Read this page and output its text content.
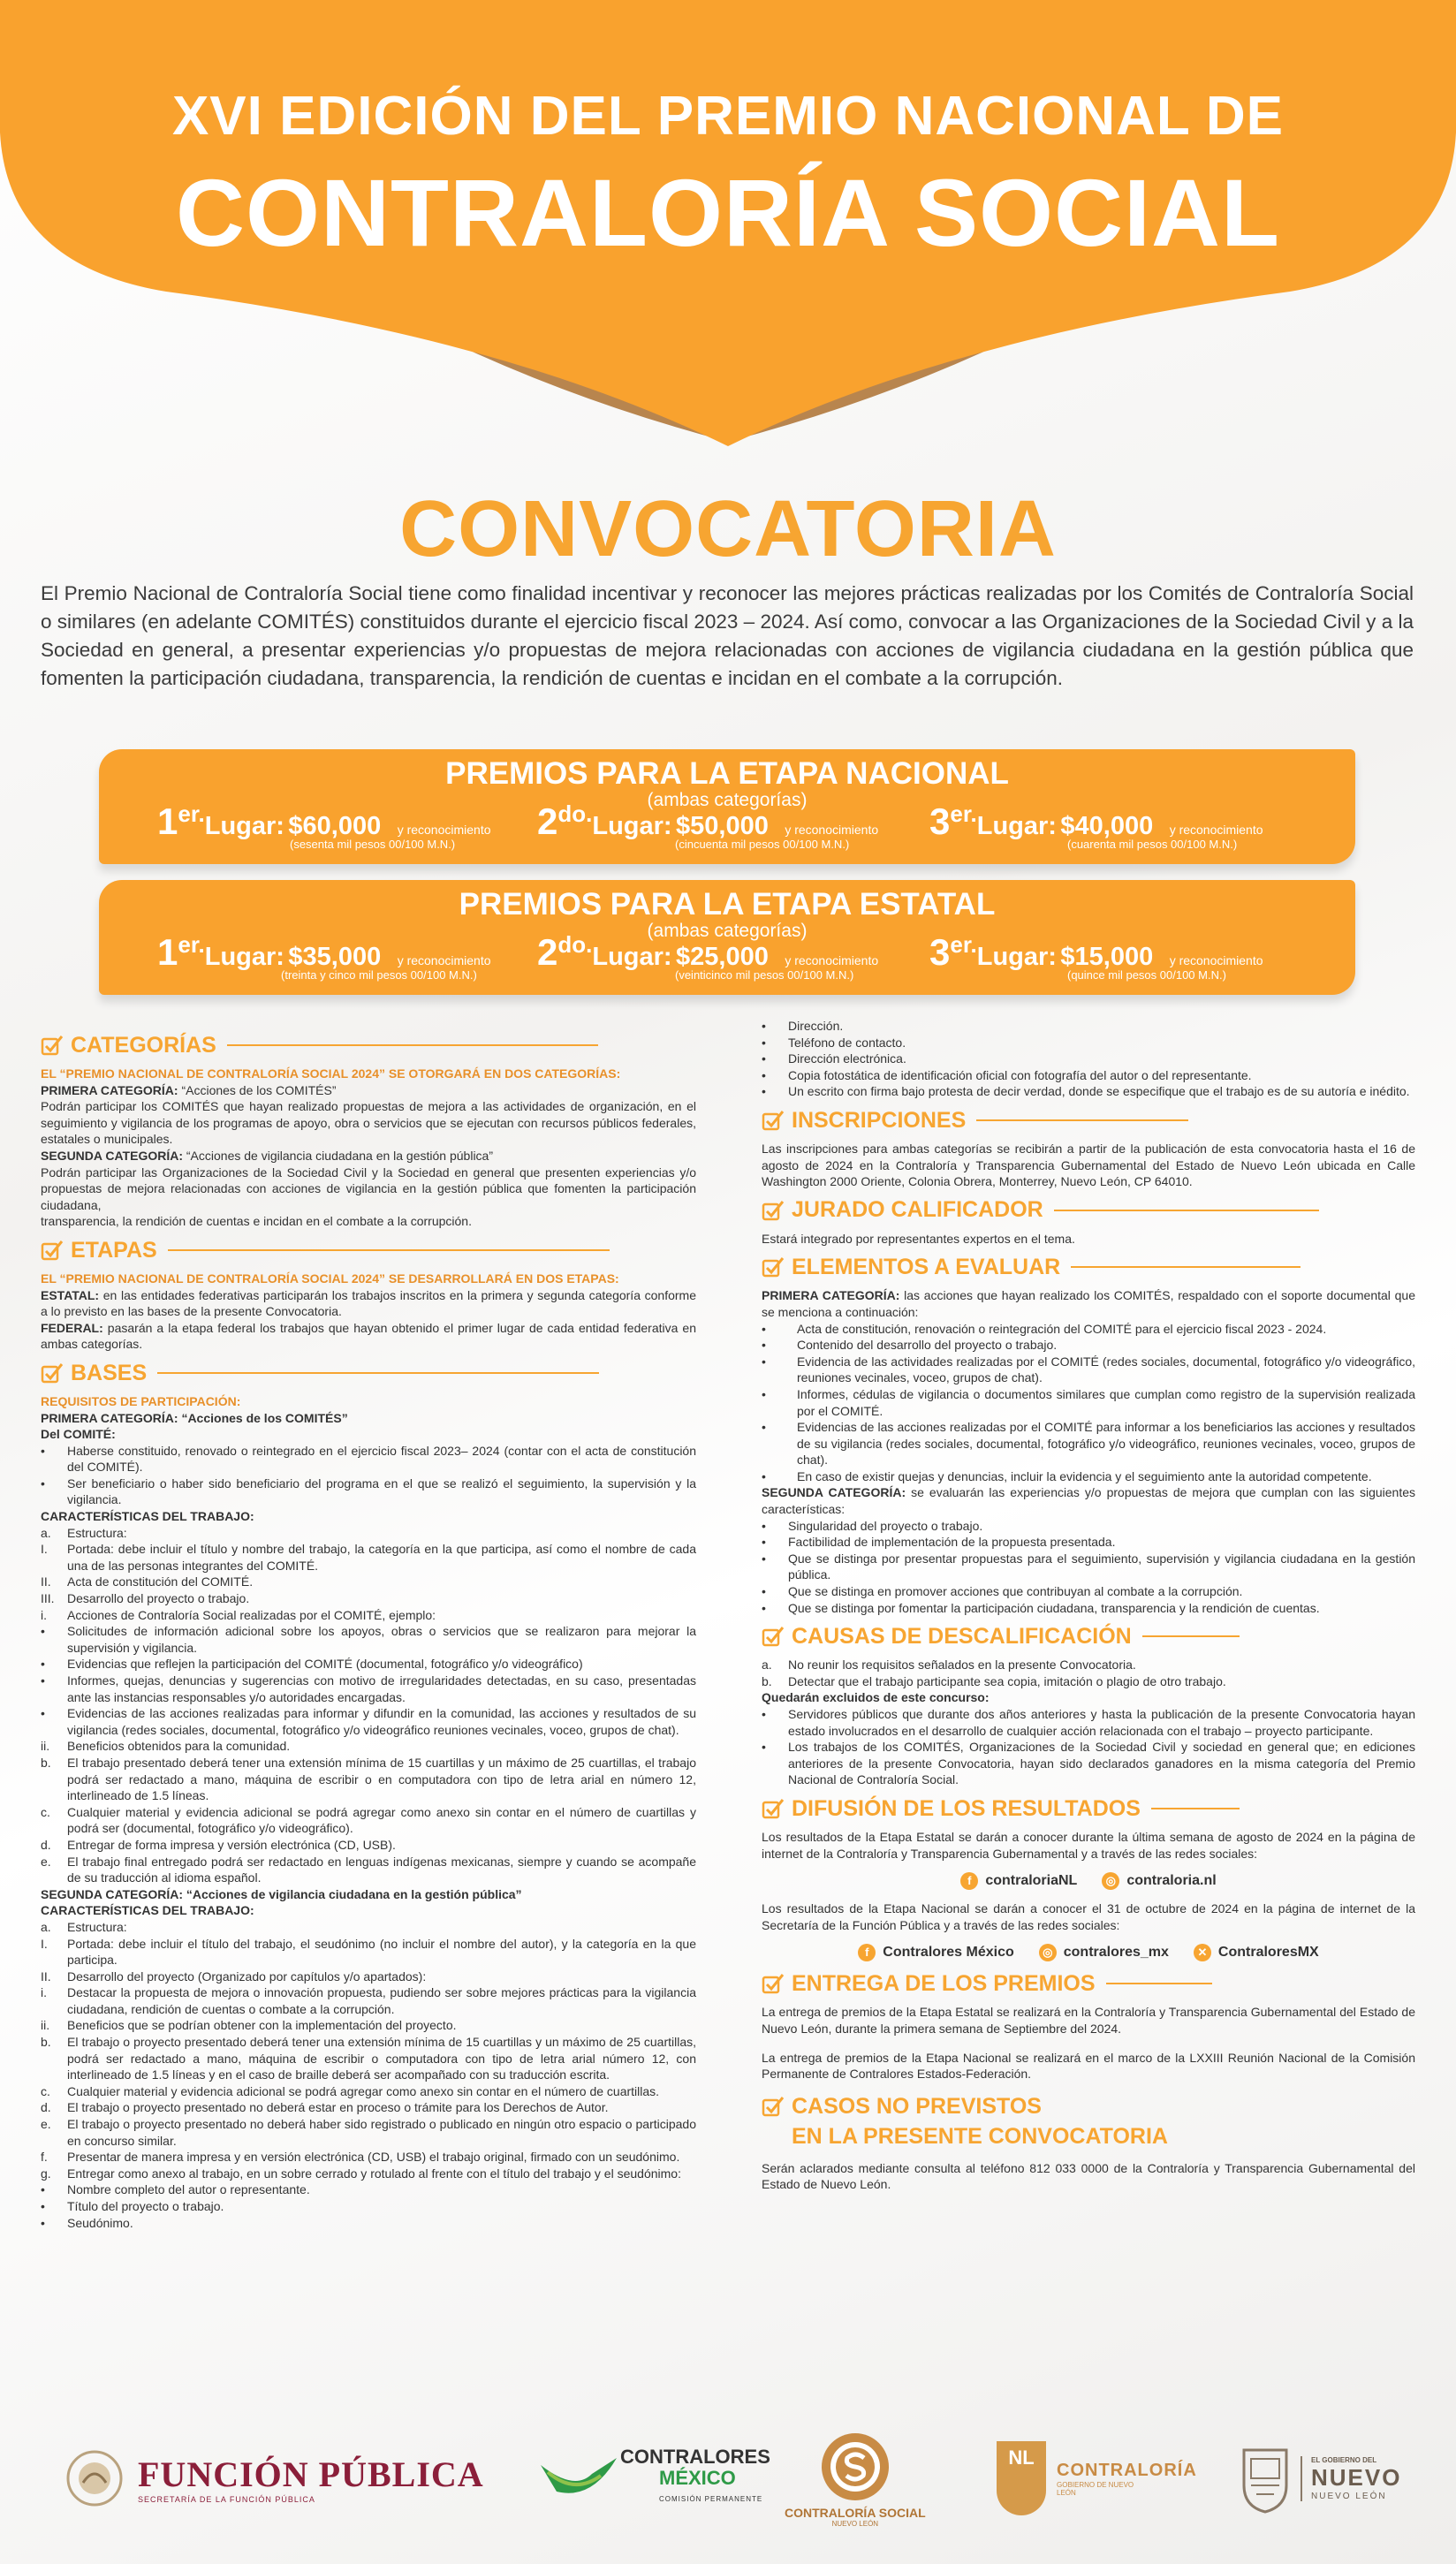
XVI EDICIÓN DEL PREMIO NACIONAL DE
CONTRALORÍA SOCIAL
CONVOCATORIA

El Premio Nacional de Contraloría Social tiene como finalidad incentivar y reconocer las mejores prácticas realizadas por los Comités de Contraloría Social o similares (en adelante COMITÉS) constituidos durante el ejercicio fiscal 2023 – 2024. Así como, convocar a las Organizaciones de la Sociedad Civil y a la Sociedad en general, a presentar experiencias y/o propuestas de mejora relacionadas con acciones de vigilancia ciudadana en la gestión pública que fomenten la participación ciudadana, transparencia, la rendición de cuentas e incidan en el combate a la corrupción.

PREMIOS PARA LA ETAPA NACIONAL
(ambas categorías)
$1^{er.}Lugar$: $60,000 y reconocimiento
(sesenta mil pesos 00/100 M.N.)
$2^{do.}Lugar$: $50,000 y reconocimiento
(cincuenta mil pesos 00/100 M.N.)
$3^{er.}Lugar$: $40,000 y reconocimiento
(cuarenta mil pesos 00/100 M.N.)
PREMIOS PARA LA ETAPA ESTATAL
(ambas categorías)
$1^{er.}Lugar$: $35,000 y reconocimiento
(treinta y cinco mil pesos 00/100 M.N.)
$2^{do.}Lugar$: $25,000 y reconocimiento
(veinticinco mil pesos 00/100 M.N.)
$3^{er.}Lugar$: $15,000 y reconocimiento
(quince mil pesos 00/100 M.N.)
CATEGORÍAS
EL “PREMIO NACIONAL DE CONTRALORÍA SOCIAL 2024” SE OTORGARÁ EN DOS CATEGORÍAS:
PRIMERA CATEGORÍA: “Acciones de los COMITÉS”

Podrán participar los COMITÉS que hayan realizado propuestas de mejora a las actividades de organización, en el seguimiento y vigilancia de los programas de apoyo, obra o servicios que se ejecutan con recursos públicos federales, estatales o municipales.

SEGUNDA CATEGORÍA: “Acciones de vigilancia ciudadana en la gestión pública”

Podrán participar las Organizaciones de la Sociedad Civil y la Sociedad en general que presenten experiencias y/o propuestas de mejora relacionadas con acciones de vigilancia en la gestión pública que fomenten la participación ciudadana,

transparencia, la rendición de cuentas e incidan en el combate a la corrupción.

ETAPAS
EL “PREMIO NACIONAL DE CONTRALORÍA SOCIAL 2024” SE DESARROLLARÁ EN DOS ETAPAS:

ESTATAL: en las entidades federativas participarán los trabajos inscritos en la primera y segunda categoría conforme a lo previsto en las bases de la presente Convocatoria.

FEDERAL: pasarán a la etapa federal los trabajos que hayan obtenido el primer lugar de cada entidad federativa en ambas categorías.

BASES
REQUISITOS DE PARTICIPACIÓN:
PRIMERA CATEGORÍA: “Acciones de los COMITÉS”
Del COMITÉ:
•	Haberse constituido, renovado o reintegrado en el ejercicio fiscal 2023– 2024 (contar con el acta de constitución del COMITÉ).
•	Ser beneficiario o haber sido beneficiario del programa en el que se realizó el seguimiento, la supervisión y la vigilancia.
CARACTERÍSTICAS DEL TRABAJO:
a.	Estructura:
I.	Portada: debe incluir el título y nombre del trabajo, la categoría en la que participa, así como el nombre de cada una de las personas integrantes del COMITÉ.
II.	Acta de constitución del COMITÉ.
III.	Desarrollo del proyecto o trabajo.
i.	Acciones de Contraloría Social realizadas por el COMITÉ, ejemplo:
•	Solicitudes de información adicional sobre los apoyos, obras o servicios que se realizaron para mejorar la supervisión y vigilancia.
•	Evidencias que reflejen la participación del COMITÉ (documental, fotográfico y/o videográfico)
•	Informes, quejas, denuncias y sugerencias con motivo de irregularidades detectadas, en su caso, presentadas ante las instancias responsables y/o autoridades encargadas.
•	Evidencias de las acciones realizadas para informar y difundir en la comunidad, las acciones y resultados de su vigilancia (redes sociales, documental, fotográfico y/o videográfico reuniones vecinales, voceo, grupos de chat).
ii.	Beneficios obtenidos para la comunidad.
b.	El trabajo presentado deberá tener una extensión mínima de 15 cuartillas y un máximo de 25 cuartillas, el trabajo podrá ser redactado a mano, máquina de escribir o en computadora con tipo de letra arial en número 12, interlineado de 1.5 líneas.
c.	Cualquier material y evidencia adicional se podrá agregar como anexo sin contar en el número de cuartillas y podrá ser (documental, fotográfico y/o videográfico).
d.	Entregar de forma impresa y versión electrónica (CD, USB).
e.	El trabajo final entregado podrá ser redactado en lenguas indígenas mexicanas, siempre y cuando se acompañe de su traducción al idioma español.
SEGUNDA CATEGORÍA: “Acciones de vigilancia ciudadana en la gestión pública”
CARACTERÍSTICAS DEL TRABAJO:
a.	Estructura:
I.	Portada: debe incluir el título del trabajo, el seudónimo (no incluir el nombre del autor), y la categoría en la que participa.
II.	Desarrollo del proyecto (Organizado por capítulos y/o apartados):
i.	Destacar la propuesta de mejora o innovación propuesta, pudiendo ser sobre mejores prácticas para la vigilancia ciudadana, rendición de cuentas o combate a la corrupción.
ii.	Beneficios que se podrían obtener con la implementación del proyecto.
b.	El trabajo o proyecto presentado deberá tener una extensión mínima de 15 cuartillas y un máximo de 25 cuartillas, podrá ser redactado a mano, máquina de escribir o computadora con tipo de letra arial número 12, con interlineado de 1.5 líneas y en el caso de braille deberá ser acompañado con su traducción escrita.
c.	Cualquier material y evidencia adicional se podrá agregar como anexo sin contar en el número de cuartillas.
d.	El trabajo o proyecto presentado no deberá estar en proceso o trámite para los Derechos de Autor.
e.	El trabajo o proyecto presentado no deberá haber sido registrado o publicado en ningún otro espacio o participado en concurso similar.
f.	Presentar de manera impresa y en versión electrónica (CD, USB) el trabajo original, firmado con un seudónimo.
g.	Entregar como anexo al trabajo, en un sobre cerrado y rotulado al frente con el título del trabajo y el seudónimo:
•	Nombre completo del autor o representante.
•	Título del proyecto o trabajo.
•	Seudónimo.
•	Dirección.
•	Teléfono de contacto.
•	Dirección electrónica.
•	Copia fotostática de identificación oficial con fotografía del autor o del representante.
•	Un escrito con firma bajo protesta de decir verdad, donde se especifique que el trabajo es de su autoría e inédito.
INSCRIPCIONES

Las inscripciones para ambas categorías se recibirán a partir de la publicación de esta convocatoria hasta el 16 de agosto de 2024 en la Contraloría y Transparencia Gubernamental del Estado de Nuevo León ubicada en Calle Washington 2000 Oriente, Colonia Obrera, Monterrey, Nuevo León, CP 64010.

JURADO CALIFICADOR

Estará integrado por representantes expertos en el tema.

ELEMENTOS A EVALUAR

PRIMERA CATEGORÍA: las acciones que hayan realizado los COMITÉS, respaldado con el soporte documental que se menciona a continuación:

•	Acta de constitución, renovación o reintegración del COMITÉ para el ejercicio fiscal 2023 - 2024.
•	Contenido del desarrollo del proyecto o trabajo.
•	Evidencia de las actividades realizadas por el COMITÉ (redes sociales, documental, fotográfico y/o videográfico, reuniones vecinales, voceo, grupos de chat).
•	Informes, cédulas de vigilancia o documentos similares que cumplan como registro de la supervisión realizada por el COMITÉ.
•	Evidencias de las acciones realizadas por el COMITÉ para informar a los beneficiarios las acciones y resultados de su vigilancia (redes sociales, documental, fotográfico y/o videográfico, reuniones vecinales, voceo, grupos de chat).
•	En caso de existir quejas y denuncias, incluir la evidencia y el seguimiento ante la autoridad competente.

SEGUNDA CATEGORÍA: se evaluarán las experiencias y/o propuestas de mejora que cumplan con las siguientes características:

•	Singularidad del proyecto o trabajo.
•	Factibilidad de implementación de la propuesta presentada.
•	Que se distinga por presentar propuestas para el seguimiento, supervisión y vigilancia ciudadana en la gestión pública.
•	Que se distinga en promover acciones que contribuyan al combate a la corrupción.
•	Que se distinga por fomentar la participación ciudadana, transparencia y la rendición de cuentas.
CAUSAS DE DESCALIFICACIÓN
a.	No reunir los requisitos señalados en la presente Convocatoria.
b.	Detectar que el trabajo participante sea copia, imitación o plagio de otro trabajo.
Quedarán excluidos de este concurso:
•	Servidores públicos que durante dos años anteriores y hasta la publicación de la presente Convocatoria hayan estado involucrados en el desarrollo de cualquier acción relacionada con el trabajo – proyecto participante.
•	Los trabajos de los COMITÉS, Organizaciones de la Sociedad Civil y sociedad en general que; en ediciones anteriores de la presente Convocatoria, hayan sido declarados ganadores en la misma categoría del Premio Nacional de Contraloría Social.
DIFUSIÓN DE LOS RESULTADOS

Los resultados de la Etapa Estatal se darán a conocer durante la última semana de agosto de 2024 en la página de internet de la Contraloría y Transparencia Gubernamental y a través de las redes sociales:

f contraloriaNL	◎ contraloria.nl

Los resultados de la Etapa Nacional se darán a conocer el 31 de octubre de 2024 en la página de internet de la Secretaría de la Función Pública y a través de las redes sociales:

f Contralores México	◎ contralores_mx	✕ ContraloresMX
ENTREGA DE LOS PREMIOS

La entrega de premios de la Etapa Estatal se realizará en la Contraloría y Transparencia Gubernamental del Estado de Nuevo León, durante la primera semana de Septiembre del 2024.

La entrega de premios de la Etapa Nacional se realizará en el marco de la LXXIII Reunión Nacional de la Comisión Permanente de Contralores Estados-Federación.

CASOS NO PREVISTOS
EN LA PRESENTE CONVOCATORIA

Serán aclarados mediante consulta al teléfono 812 033 0000 de la Contraloría y Transparencia Gubernamental del Estado de Nuevo León.

FUNCIÓN PÚBLICA
SECRETARÍA DE LA FUNCIÓN PÚBLICA
CONTRALORES
MÉXICO
COMISIÓN PERMANENTE
CONTRALORÍA SOCIAL
NUEVO LEÓN
NL
CONTRALORÍA
GOBIERNO DE NUEVO LEÓN
EL GOBIERNO DEL
NUEVO
NUEVO LEÓN
